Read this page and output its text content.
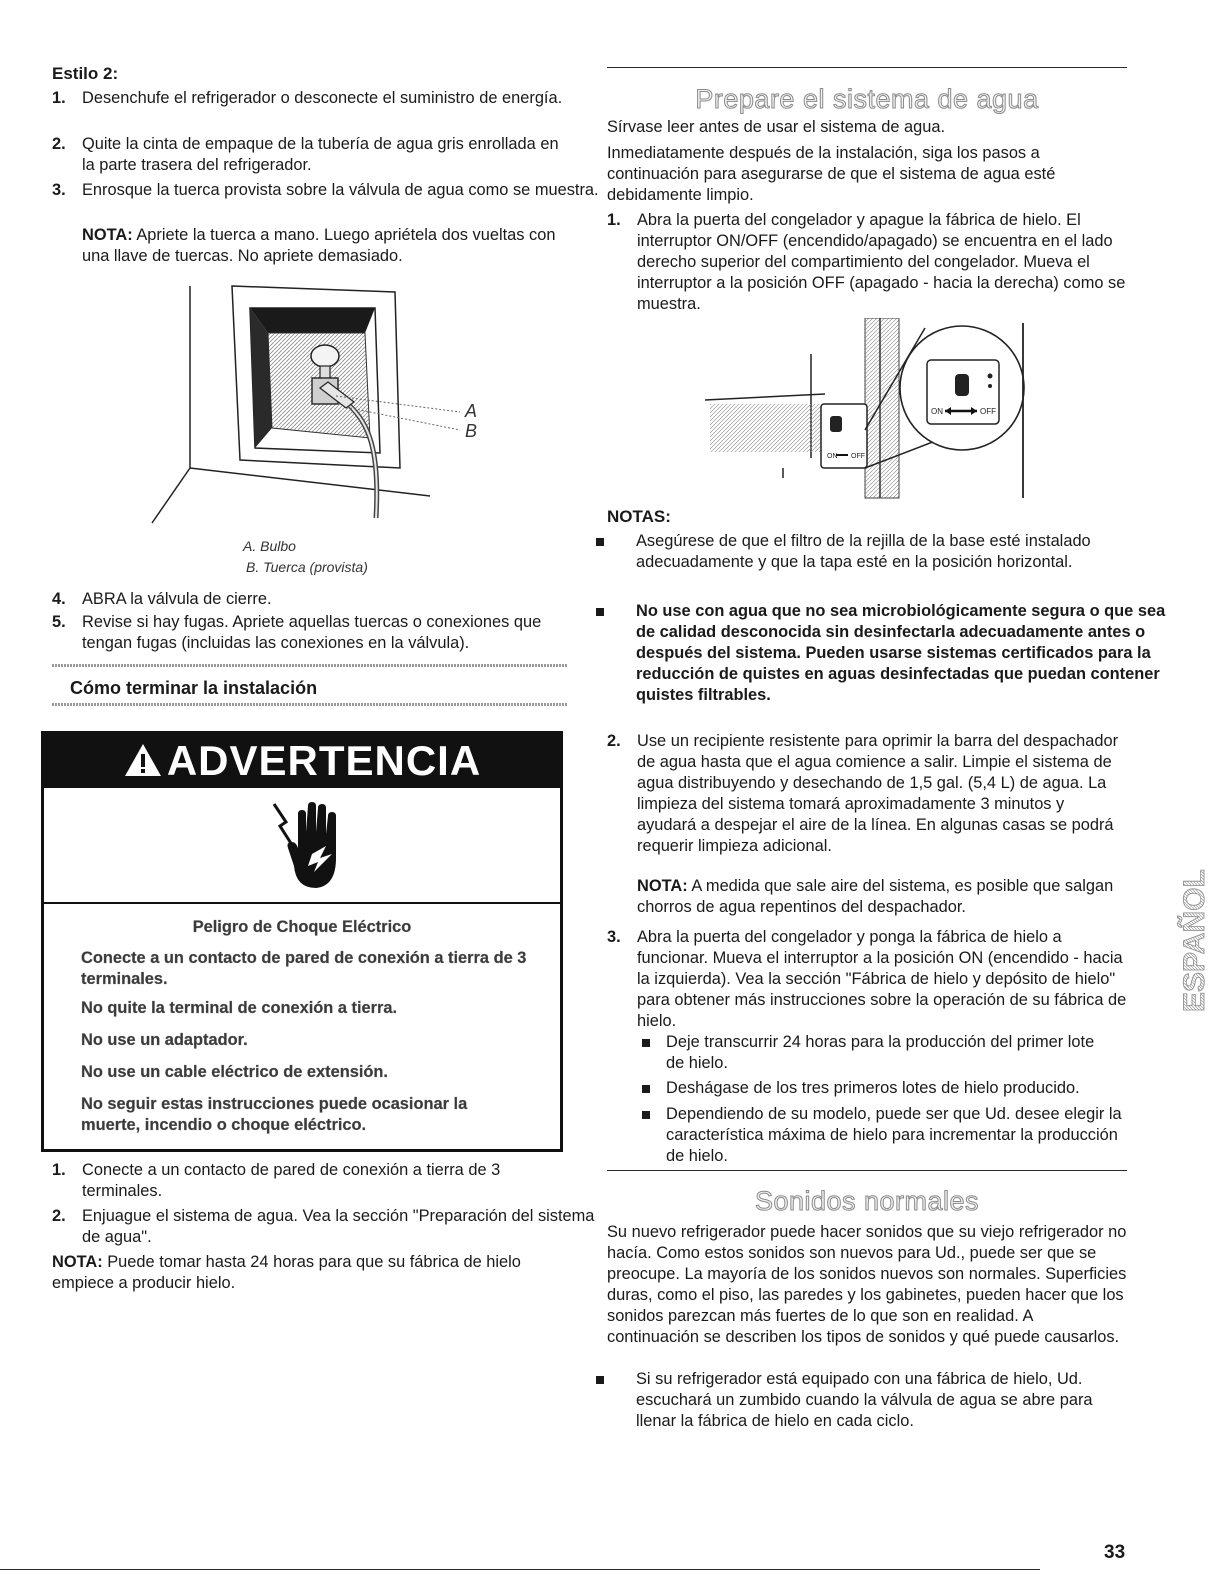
Estilo 2:
1. Desenchufe el refrigerador o desconecte el suministro de energía.
2. Quite la cinta de empaque de la tubería de agua gris enrollada en la parte trasera del refrigerador.
3. Enrosque la tuerca provista sobre la válvula de agua como se muestra.

NOTA: Apriete la tuerca a mano. Luego apriétela dos vueltas con una llave de tuercas. No apriete demasiado.

A
B
A. Bulbo
B. Tuerca (provista)
4. ABRA la válvula de cierre.
5. Revise si hay fugas. Apriete aquellas tuercas o conexiones que tengan fugas (incluidas las conexiones en la válvula).
Cómo terminar la instalación
ADVERTENCIA
Peligro de Choque Eléctrico
Conecte a un contacto de pared de conexión a tierra de 3 terminales.
No quite la terminal de conexión a tierra.
No use un adaptador.
No use un cable eléctrico de extensión.
No seguir estas instrucciones puede ocasionar la muerte, incendio o choque eléctrico.
1. Conecte a un contacto de pared de conexión a tierra de 3 terminales.
2. Enjuague el sistema de agua. Vea la sección "Preparación del sistema de agua".

NOTA: Puede tomar hasta 24 horas para que su fábrica de hielo empiece a producir hielo.

Prepare el sistema de agua

Sírvase leer antes de usar el sistema de agua.

Inmediatamente después de la instalación, siga los pasos a continuación para asegurarse de que el sistema de agua esté debidamente limpio.

1. Abra la puerta del congelador y apague la fábrica de hielo. El interruptor ON/OFF (encendido/apagado) se encuentra en el lado derecho superior del compartimiento del congelador. Mueva el interruptor a la posición OFF (apagado - hacia la derecha) como se muestra.
ON OFF
ON	OFF
NOTAS:
Asegúrese de que el filtro de la rejilla de la base esté instalado adecuadamente y que la tapa esté en la posición horizontal.
No use con agua que no sea microbiológicamente segura o que sea de calidad desconocida sin desinfectarla adecuadamente antes o después del sistema. Pueden usarse sistemas certificados para la reducción de quistes en aguas desinfectadas que puedan contener quistes filtrables.
2. Use un recipiente resistente para oprimir la barra del despachador de agua hasta que el agua comience a salir. Limpie el sistema de agua distribuyendo y desechando de 1,5 gal. (5,4 L) de agua. La limpieza del sistema tomará aproximadamente 3 minutos y ayudará a despejar el aire de la línea. En algunas casas se podrá requerir limpieza adicional.

NOTA: A medida que sale aire del sistema, es posible que salgan chorros de agua repentinos del despachador.

3. Abra la puerta del congelador y ponga la fábrica de hielo a funcionar. Mueva el interruptor a la posición ON (encendido - hacia la izquierda). Vea la sección "Fábrica de hielo y depósito de hielo" para obtener más instrucciones sobre la operación de su fábrica de hielo.
Deje transcurrir 24 horas para la producción del primer lote de hielo.
Deshágase de los tres primeros lotes de hielo producido.
Dependiendo de su modelo, puede ser que Ud. desee elegir la característica máxima de hielo para incrementar la producción de hielo.
Sonidos normales

Su nuevo refrigerador puede hacer sonidos que su viejo refrigerador no hacía. Como estos sonidos son nuevos para Ud., puede ser que se preocupe. La mayoría de los sonidos nuevos son normales. Superficies duras, como el piso, las paredes y los gabinetes, pueden hacer que los sonidos parezcan más fuertes de lo que son en realidad. A continuación se describen los tipos de sonidos y qué puede causarlos.

Si su refrigerador está equipado con una fábrica de hielo, Ud. escuchará un zumbido cuando la válvula de agua se abre para llenar la fábrica de hielo en cada ciclo.
ESPAÑOL
33
